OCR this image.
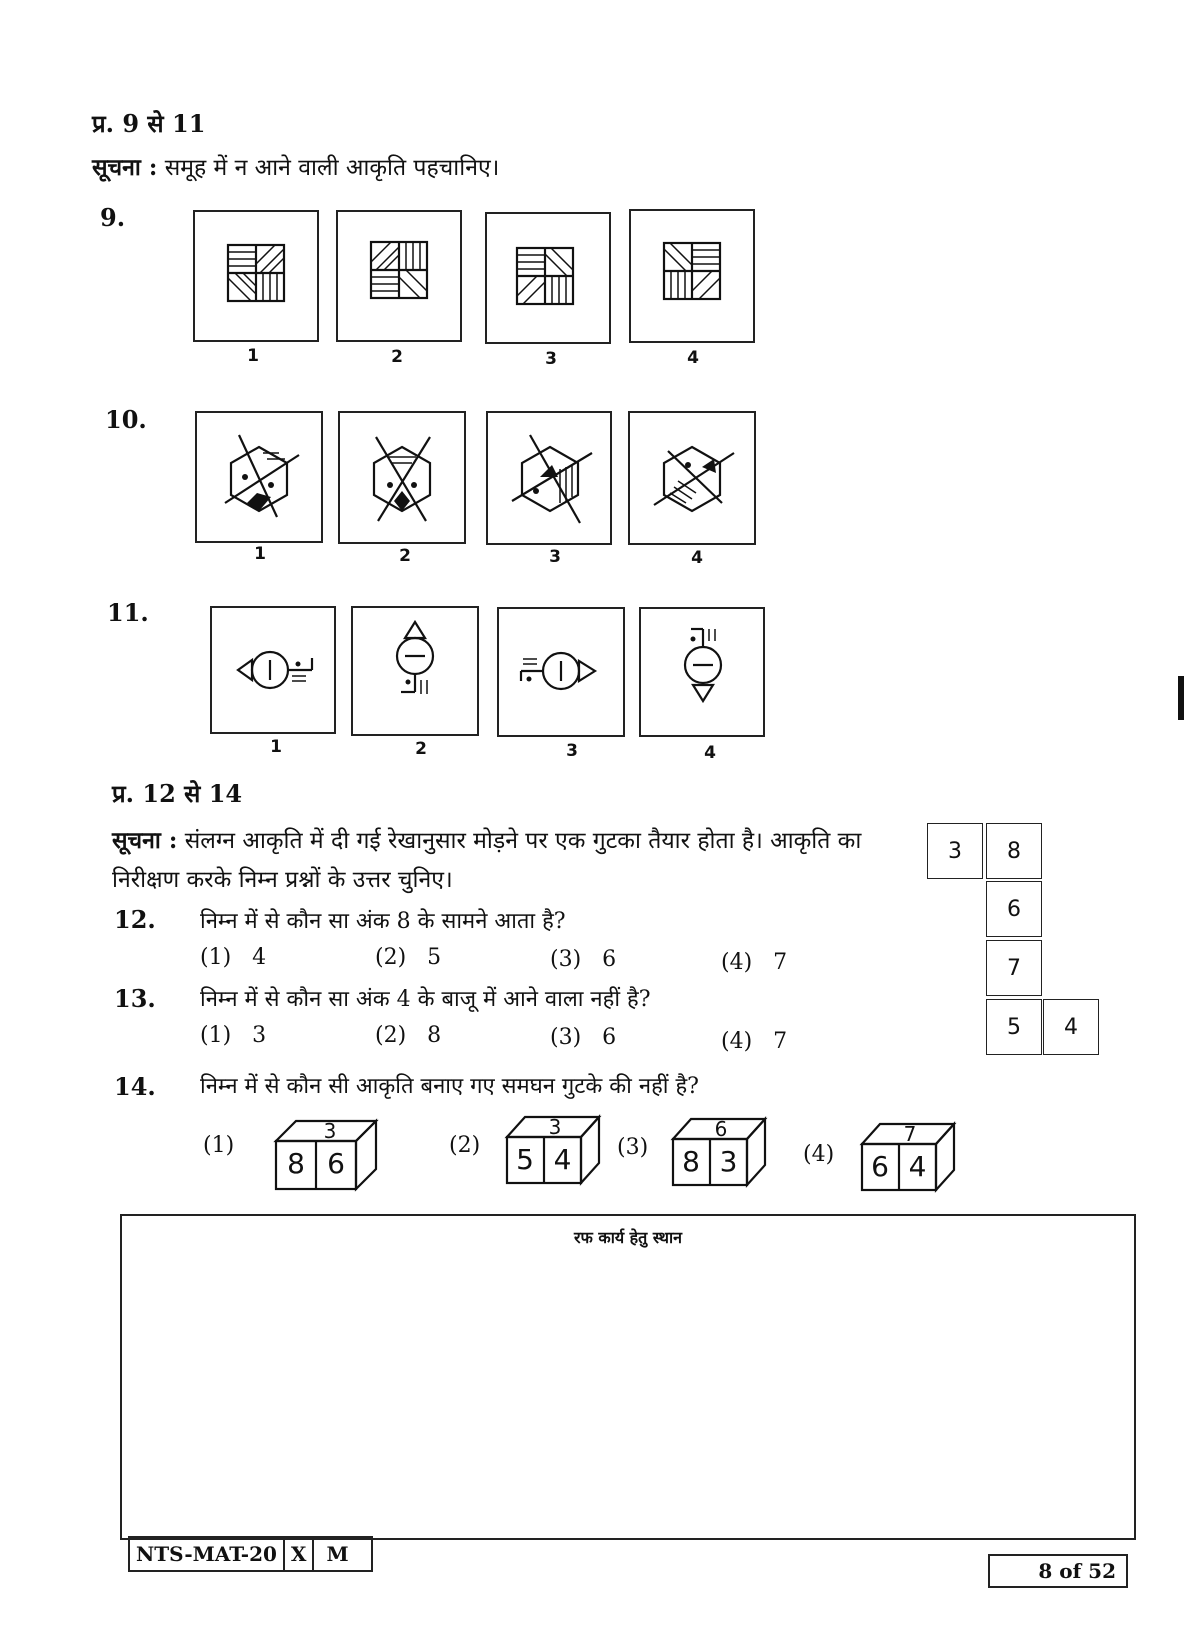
प्र. 9 से 11
सूचना : समूह में न आने वाली आकृति पहचानिए।
9.
1	2	3	4
10.
1	2	3	4
11.
1	2	3	4
प्र. 12 से 14
सूचना : संलग्न आकृति में दी गई रेखानुसार मोड़ने पर एक गुटका तैयार होता है। आकृति का
निरीक्षण करके निम्न प्रश्नों के उत्तर चुनिए।
3	8
6
7
5	4
12. निम्न में से कौन सा अंक 8 के सामने आता है?
(1) 4	(2) 5	(3) 6	(4) 7
13. निम्न में से कौन सा अंक 4 के बाजू में आने वाला नहीं है?
(1) 3	(2) 8	(3) 6	(4) 7
14. निम्न में से कौन सी आकृति बनाए गए समघन गुटके की नहीं है?
(1)
3
8 6
(2)
3
5 4	(3)
6
8 3	(4)
7
6 4
रफ कार्य हेतु स्थान
NTS-MAT-20 X	M
8 of 52
